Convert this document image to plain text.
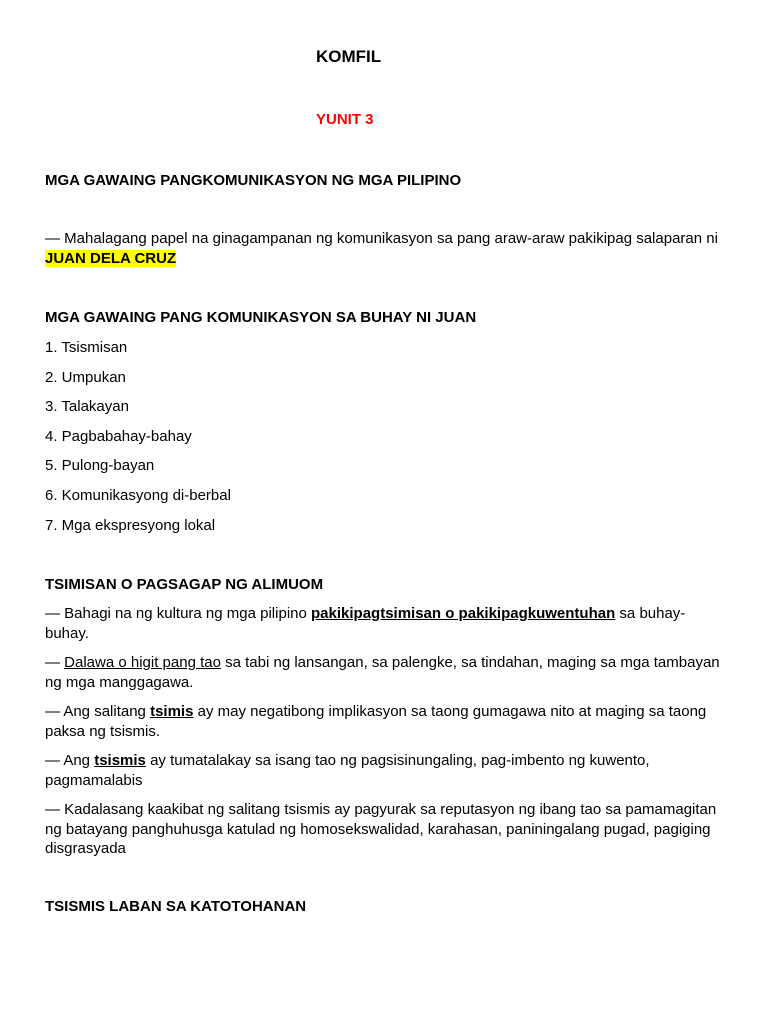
KOMFIL
YUNIT 3
MGA GAWAING PANGKOMUNIKASYON NG MGA PILIPINO
— Mahalagang papel na ginagampanan ng komunikasyon sa pang araw-araw pakikipag salaparan ni JUAN DELA CRUZ
MGA GAWAING PANG KOMUNIKASYON SA BUHAY NI JUAN
1. Tsismisan
2. Umpukan
3. Talakayan
4. Pagbabahay-bahay
5. Pulong-bayan
6. Komunikasyong di-berbal
7. Mga ekspresyong lokal
TSIMISAN O PAGSAGAP NG ALIMUOM
— Bahagi na ng kultura ng mga pilipino pakikipagtsimisan o pakikipagkuwentuhan sa buhay-buhay.
— Dalawa o higit pang tao sa tabi ng lansangan, sa palengke, sa tindahan, maging sa mga tambayan ng mga manggagawa.
— Ang salitang tsimis ay may negatibong implikasyon sa taong gumagawa nito at maging sa taong paksa ng tsismis.
— Ang tsismis ay tumatalakay sa isang tao ng pagsisinungaling, pag-imbento ng kuwento, pagmamalabis
— Kadalasang kaakibat ng salitang tsismis ay pagyurak sa reputasyon ng ibang tao sa pamamagitan ng batayang panghuhusga katulad ng homosekswalidad, karahasan, paniningalang pugad, pagiging disgrasyada
TSISMIS LABAN SA KATOTOHANAN
